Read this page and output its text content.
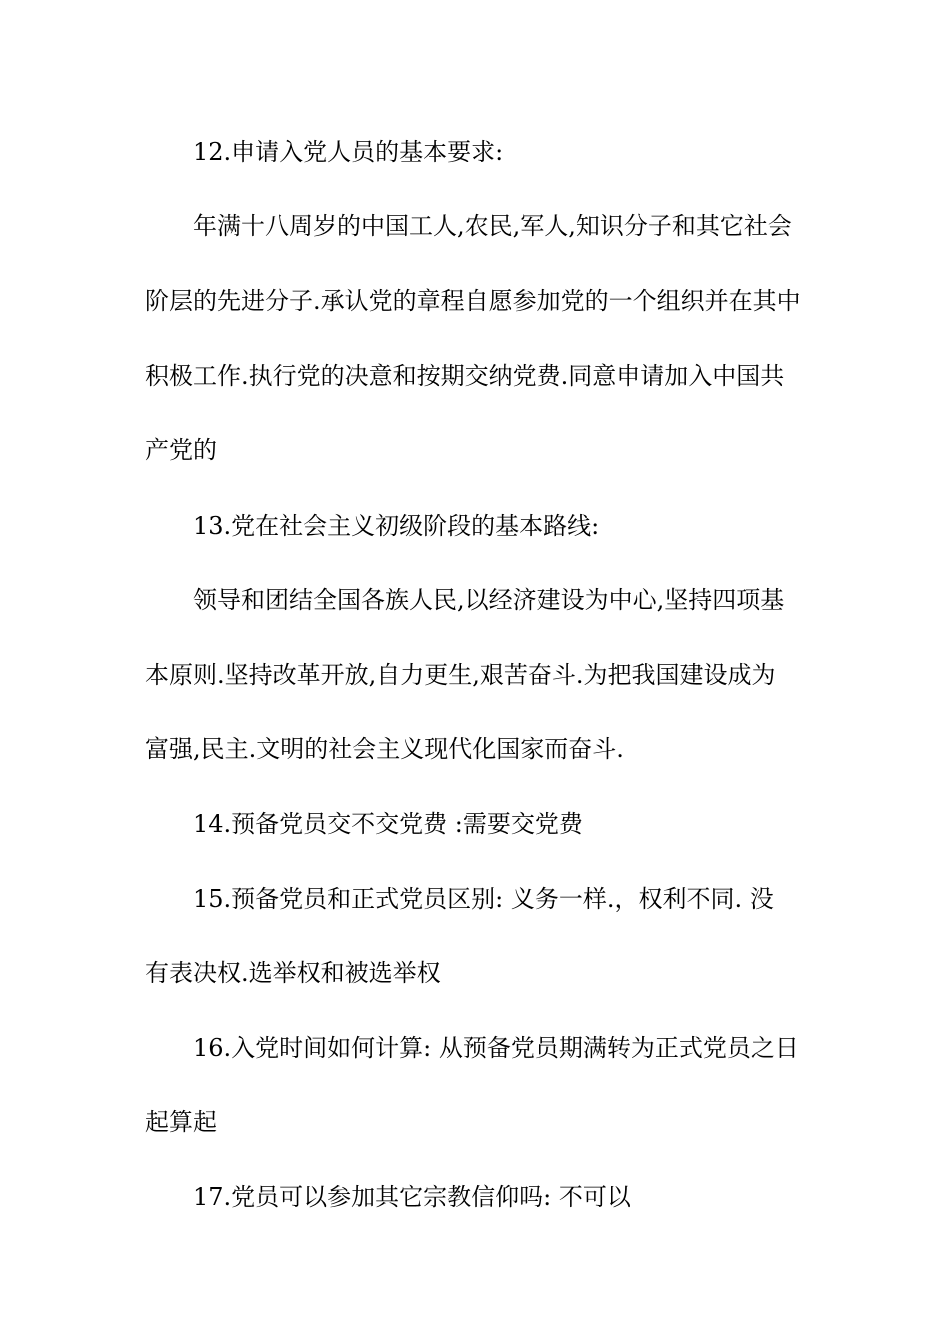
12.申请入党人员的基本要求:
年满十八周岁的中国工人,农民,军人,知识分子和其它社会
阶层的先进分子.承认党的章程自愿参加党的一个组织并在其中
积极工作.执行党的决意和按期交纳党费.同意申请加入中国共
产党的
13.党在社会主义初级阶段的基本路线:
领导和团结全国各族人民,以经济建设为中心,坚持四项基
本原则.坚持改革开放,自力更生,艰苦奋斗.为把我国建设成为
富强,民主.文明的社会主义现代化国家而奋斗.
14.预备党员交不交党费 :需要交党费
15.预备党员和正式党员区别: 义务一样.，权利不同. 没
有表决权.选举权和被选举权
16.入党时间如何计算: 从预备党员期满转为正式党员之日
起算起
17.党员可以参加其它宗教信仰吗: 不可以
